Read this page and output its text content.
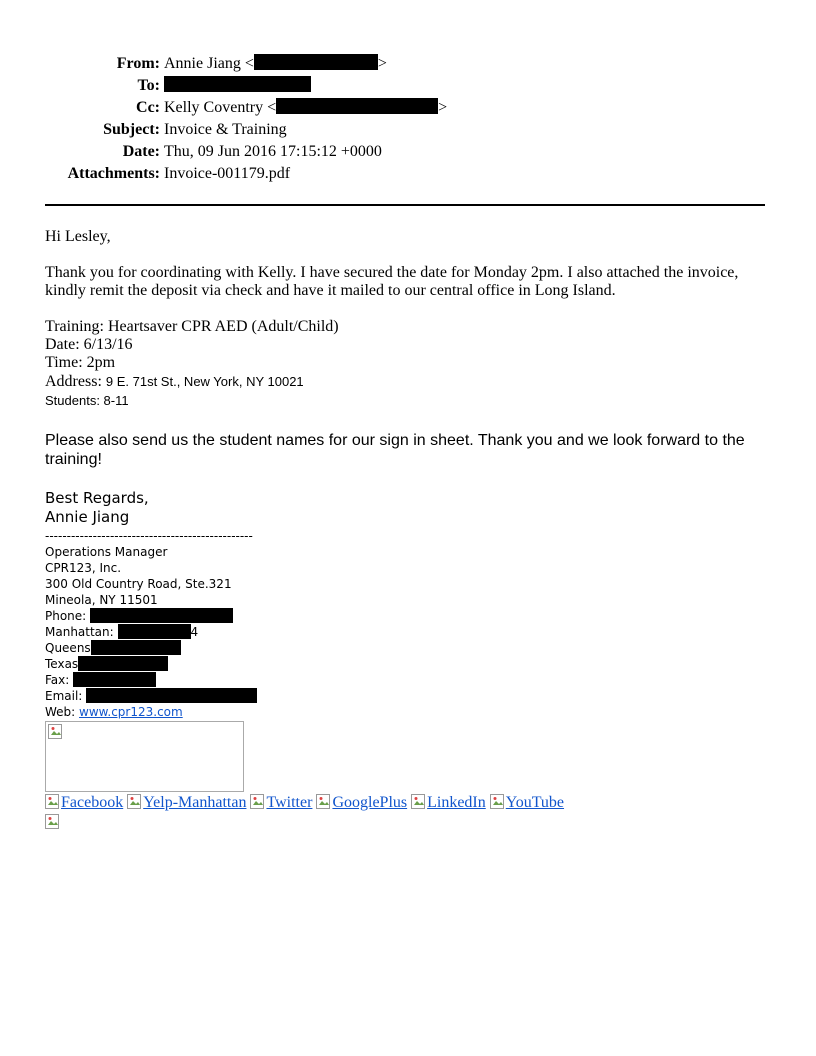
From: Annie Jiang <	>
To:
Cc: Kelly Coventry <	>
Subject: Invoice & Training
Date: Thu, 09 Jun 2016 17:15:12 +0000
Attachments: Invoice-001179.pdf

Hi Lesley,

Thank you for coordinating with Kelly. I have secured the date for Monday 2pm. I also attached the invoice, kindly remit the deposit via check and have it mailed to our central office in Long Island.

Training: Heartsaver CPR AED (Adult/Child)

Date: 6/13/16

Time: 2pm

Address: 9 E. 71st St., New York, NY 10021

Students: 8-11

Please also send us the student names for our sign in sheet. Thank you and we look forward to the training!

Best Regards,
Annie Jiang
------------------------------------------------
Operations Manager
CPR123, Inc.
300 Old Country Road, Ste.321
Mineola, NY 11501
Phone:
Manhattan:	4
Queens
Texas
Fax:
Email:
Web: www.cpr123.com
Facebook Yelp-Manhattan Twitter GooglePlus LinkedIn YouTube
